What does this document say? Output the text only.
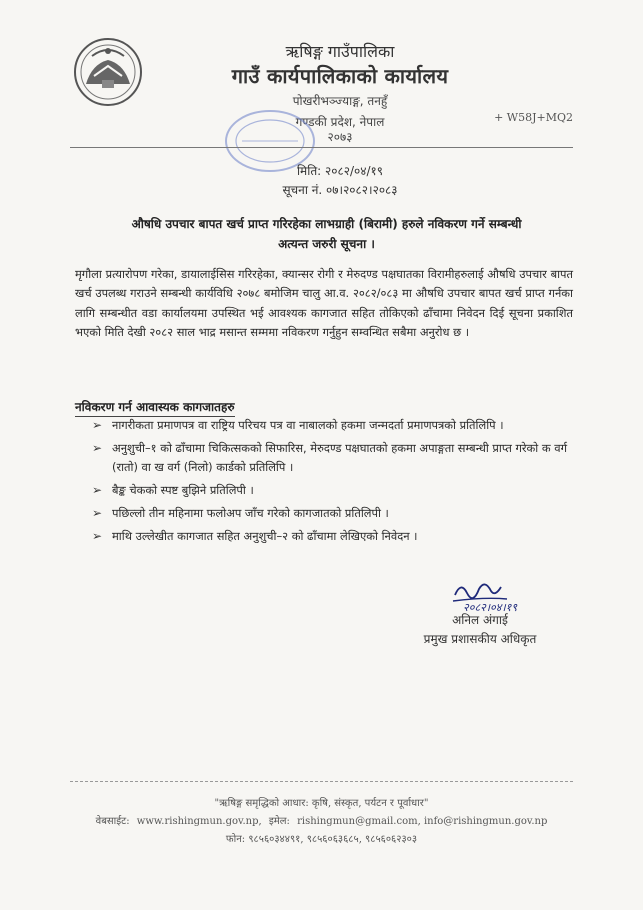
ऋषिङ्ग गाउँपालिका
गाउँ कार्यपालिकाको कार्यालय
पोखरीभञ्ज्याङ्ग, तनहुँ
गण्डकी प्रदेश, नेपाल
२०७३
+ W58J+MQ2
मिति: २०८२/०४/१९
सूचना नं. ०७।२०८२।२०८३
औषधि उपचार बापत खर्च प्राप्त गरिरहेका लाभग्राही (बिरामी) हरुले नविकरण गर्ने सम्बन्धी
अत्यन्त जरुरी सूचना ।
मृगौला प्रत्यारोपण गरेका, डायालाईसिस गरिरहेका, क्यान्सर रोगी र मेरुदण्ड पक्षघातका विरामीहरुलाई औषधि उपचार बापत खर्च उपलब्ध गराउने सम्बन्धी कार्यविधि २०७८ बमोजिम चालु आ.व. २०८२/०८३ मा औषधि उपचार बापत खर्च प्राप्त गर्नका लागि सम्बन्धीत वडा कार्यालयमा उपस्थित भई आवश्यक कागजात सहित तोकिएको ढाँचामा निवेदन दिई सूचना प्रकाशित भएको मिति देखी २०८२ साल भाद्र मसान्त सम्ममा नविकरण गर्नुहुन सम्वन्धित सबैमा अनुरोध छ ।
नविकरण गर्न आवास्यक कागजातहरु
➢ नागरीकता प्रमाणपत्र वा राष्ट्रिय परिचय पत्र वा नाबालको हकमा जन्मदर्ता प्रमाणपत्रको प्रतिलिपि ।
➢ अनुशुची–१ को ढाँचामा चिकित्सकको सिफारिस, मेरुदण्ड पक्षघातको हकमा अपाङ्गता सम्बन्धी प्राप्त गरेको क वर्ग (रातो) वा ख वर्ग (निलो) कार्डको प्रतिलिपि ।
➢ बैङ्क चेकको स्पष्ट बुझिने प्रतिलिपी ।
➢ पछिल्लो तीन महिनामा फलोअप जाँच गरेको कागजातको प्रतिलिपी ।
➢ माथि उल्लेखीत कागजात सहित अनुशुची–२ को ढाँचामा लेखिएको निवेदन ।
२०८२।०४।१९
अनिल अंगाई
प्रमुख प्रशासकीय अधिकृत
"ऋषिङ्ग समृद्धिको आधार: कृषि, संस्कृत, पर्यटन र पूर्वाधार"
वेबसाईट: www.rishingmun.gov.np, इमेल: rishingmun@gmail.com, info@rishingmun.gov.np
फोन: ९८५६०३४४९१, ९८५६०६३६८५, ९८५६०६२३०३
